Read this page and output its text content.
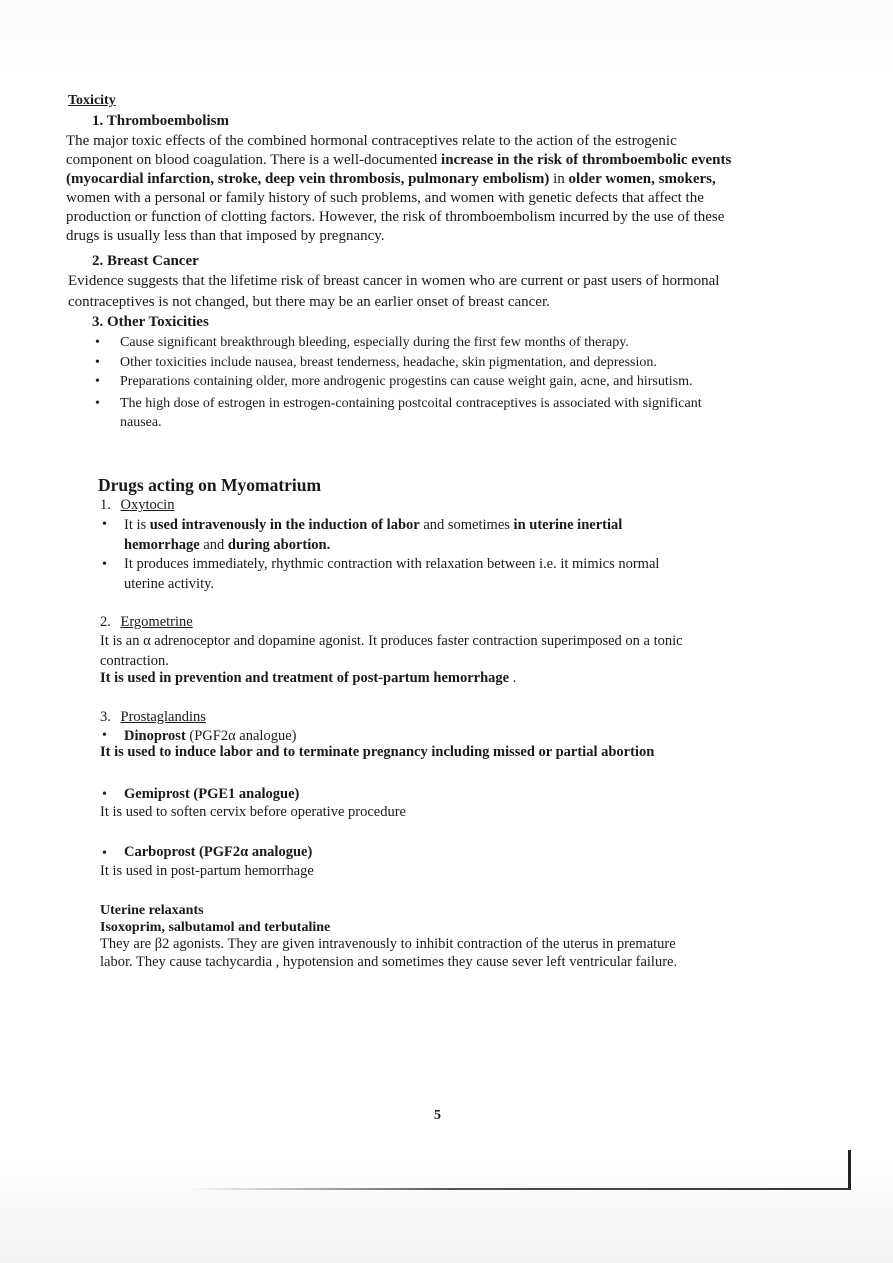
Toxicity
1. Thromboembolism
The major toxic effects of the combined hormonal contraceptives relate to the action of the estrogenic
component on blood coagulation. There is a well-documented increase in the risk of thromboembolic events
(myocardial infarction, stroke, deep vein thrombosis, pulmonary embolism) in older women, smokers,
women with a personal or family history of such problems, and women with genetic defects that affect the
production or function of clotting factors. However, the risk of thromboembolism incurred by the use of these
drugs is usually less than that imposed by pregnancy.
2. Breast Cancer
Evidence suggests that the lifetime risk of breast cancer in women who are current or past users of hormonal
contraceptives is not changed, but there may be an earlier onset of breast cancer.
3. Other Toxicities
• Cause significant breakthrough bleeding, especially during the first few months of therapy.
• Other toxicities include nausea, breast tenderness, headache, skin pigmentation, and depression.
• Preparations containing older, more androgenic progestins can cause weight gain, acne, and hirsutism.
• The high dose of estrogen in estrogen-containing postcoital contraceptives is associated with significant
nausea.
Drugs acting on Myomatrium
1. Oxytocin
• It is used intravenously in the induction of labor and sometimes in uterine inertial
hemorrhage and during abortion.
• It produces immediately, rhythmic contraction with relaxation between i.e. it mimics normal
uterine activity.
2. Ergometrine
It is an α adrenoceptor and dopamine agonist. It produces faster contraction superimposed on a tonic
contraction.
It is used in prevention and treatment of post-partum hemorrhage .
3. Prostaglandins
• Dinoprost (PGF2α analogue)
It is used to induce labor and to terminate pregnancy including missed or partial abortion
• Gemiprost (PGE1 analogue)
It is used to soften cervix before operative procedure
• Carboprost (PGF2α analogue)
It is used in post-partum hemorrhage
Uterine relaxants
Isoxoprim, salbutamol and terbutaline
They are β2 agonists. They are given intravenously to inhibit contraction of the uterus in premature
labor. They cause tachycardia , hypotension and sometimes they cause sever left ventricular failure.
5
